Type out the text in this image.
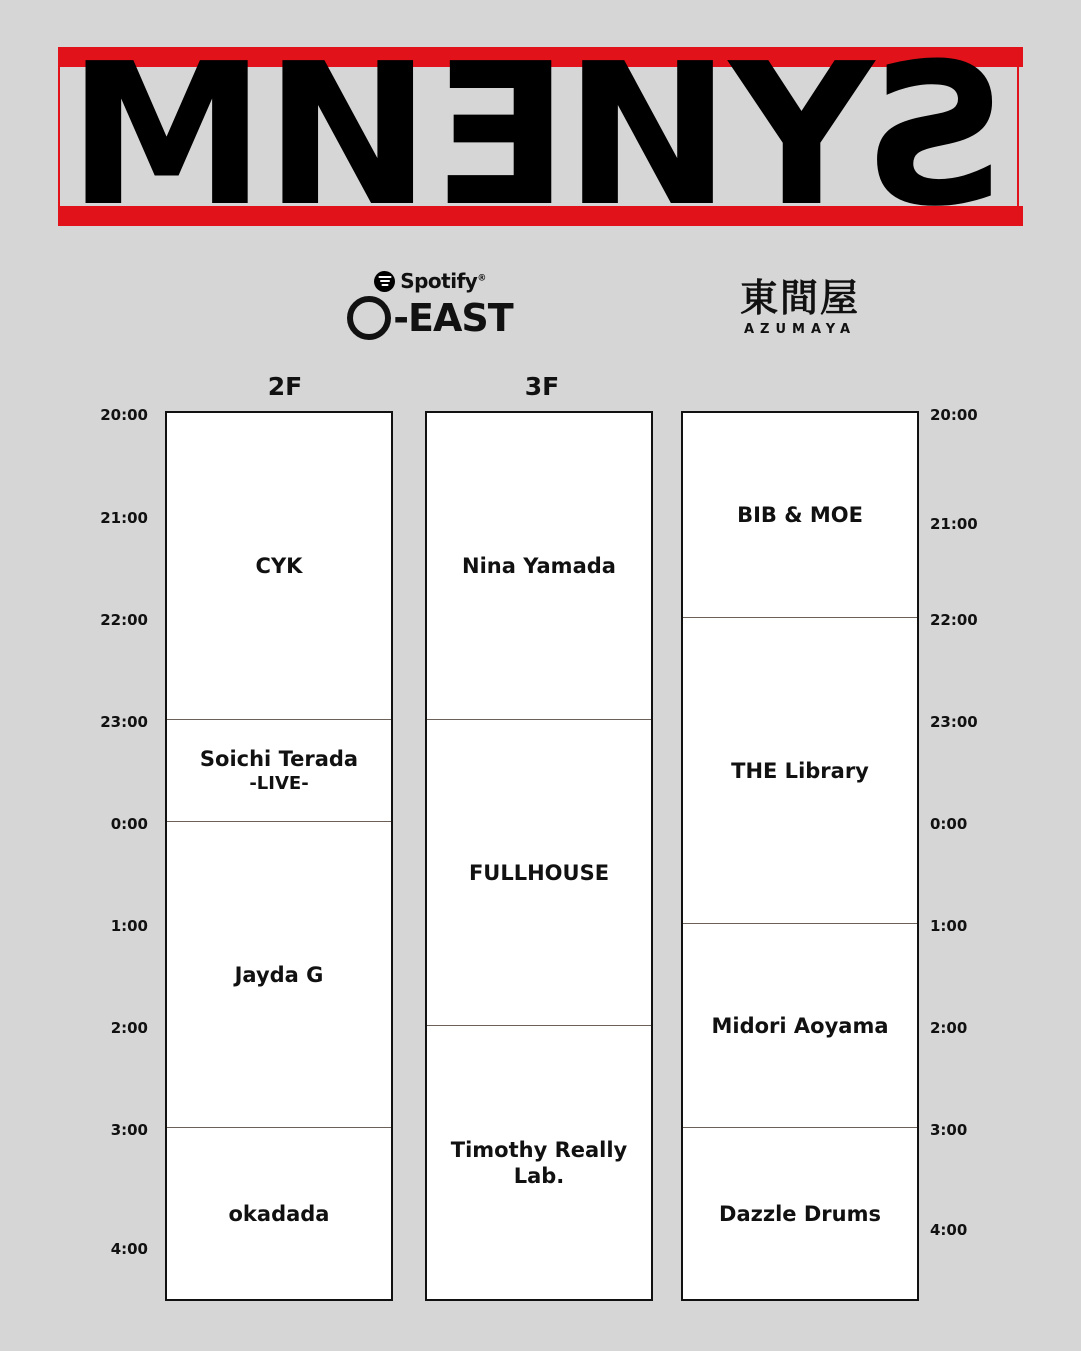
MNƎNYƧ
Spotify®
-EAST	東間屋
AZUMAYA
2F	3F
20:00
21:00
22:00
23:00
0:00
1:00
2:00
3:00
4:00
20:00
21:00
22:00
23:00
0:00
1:00
2:00
3:00
4:00
CYK
Soichi Terada
-LIVE-
Jayda G
okadada
Nina Yamada
FULLHOUSE
Timothy Really Lab.
BIB & MOE
THE Library
Midori Aoyama
Dazzle Drums
